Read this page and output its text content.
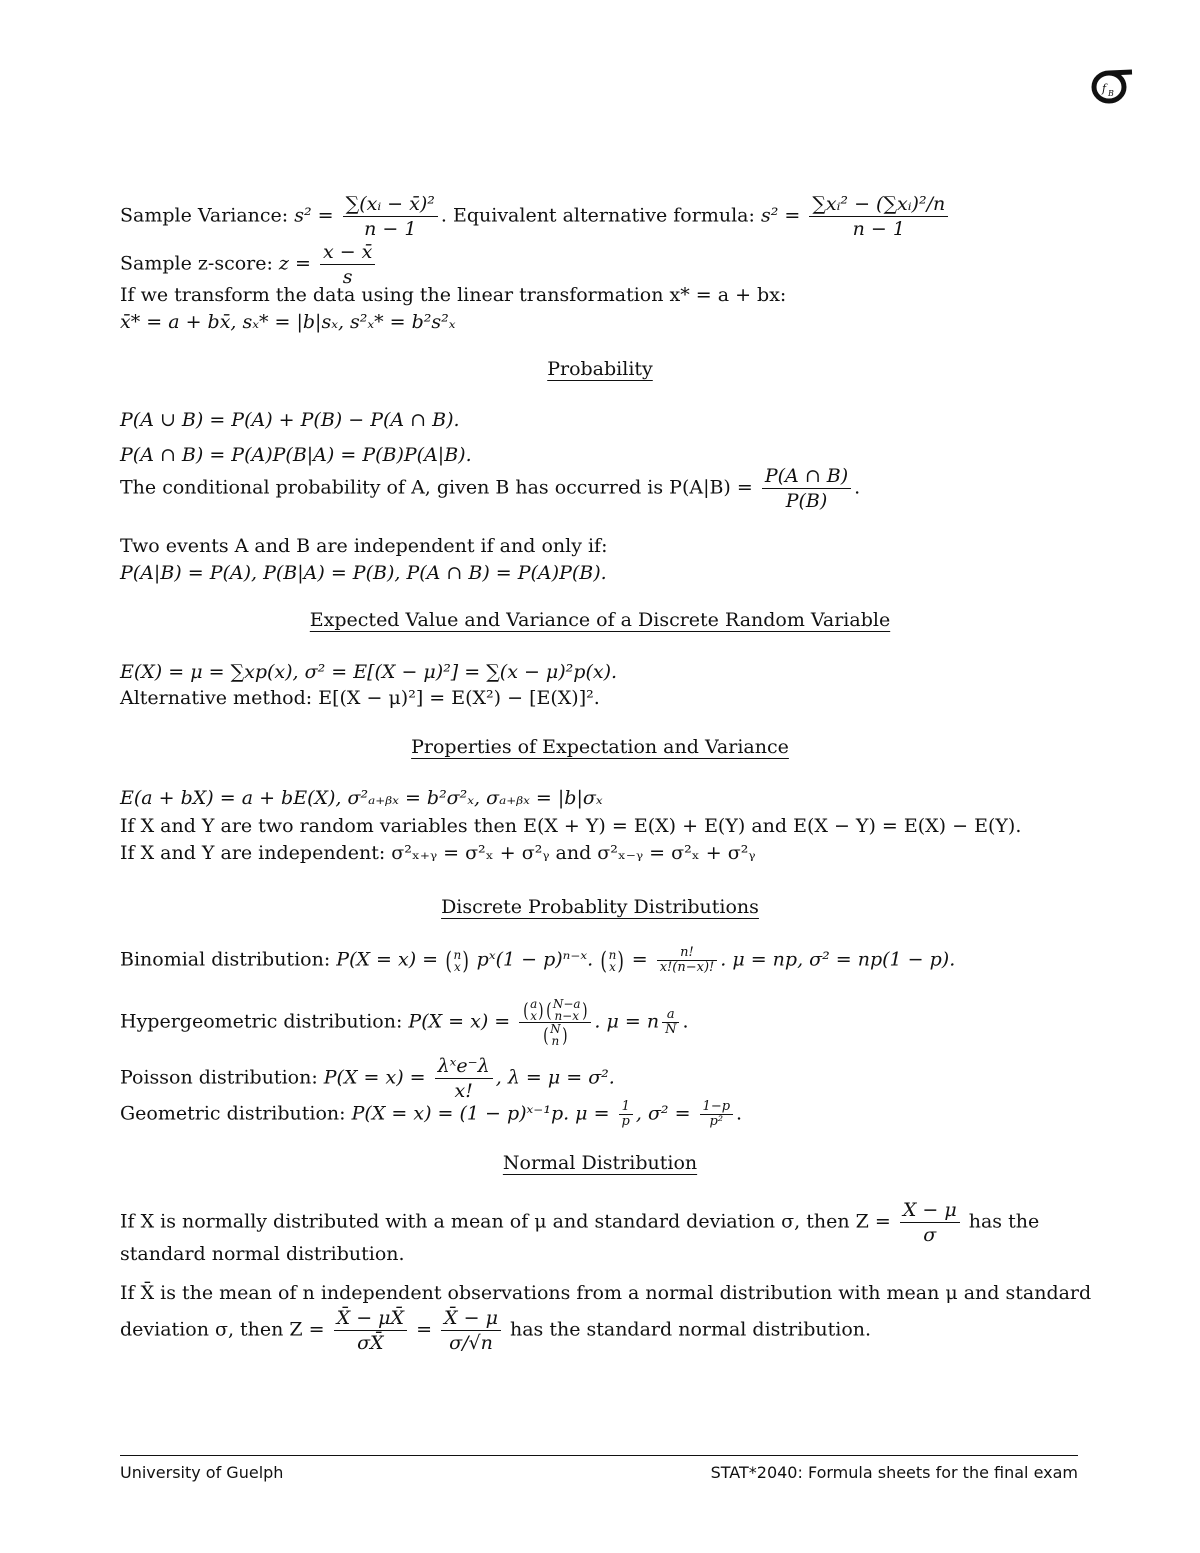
f B
Sample Variance: $s^2 = \frac{\text{∑(xᵢ − x̄)²}}{n - 1}$ . Equivalent alternative formula: $s^2 = \frac{\text{∑xᵢ² − (∑xᵢ)²/n}}{n - 1}$
Sample z-score: $z = \frac{x - x̄}{s}$
If we transform the data using the linear transformation x* = a + bx:
x̄* = a + bx̄, sₓ* = |b|sₓ, s²ₓ* = b²s²ₓ
Probability
P(A ∪ B) = P(A) + P(B) − P(A ∩ B).
P(A ∩ B) = P(A)P(B|A) = P(B)P(A|B).
The conditional probability of A, given B has occurred is $P(A|B) = \frac{P(A \cap B)}{P(B)}$ .
Two events A and B are independent if and only if:
P(A|B) = P(A), P(B|A) = P(B), P(A ∩ B) = P(A)P(B).
Expected Value and Variance of a Discrete Random Variable
E(X) = μ = ∑xp(x), σ² = E[(X − μ)²] = ∑(x − μ)²p(x).
Alternative method: E[(X − μ)²] = E(X²) − [E(X)]².
Properties of Expectation and Variance
E(a + bX) = a + bE(X), σ²ₐ₊ᵦₓ = b²σ²ₓ, σₐ₊ᵦₓ = |b|σₓ
If X and Y are two random variables then E(X + Y) = E(X) + E(Y) and E(X − Y) = E(X) − E(Y).
If X and Y are independent: σ²ₓ₊ᵧ = σ²ₓ + σ²ᵧ and σ²ₓ₋ᵧ = σ²ₓ + σ²ᵧ
Discrete Probablity Distributions
Binomial distribution: P(X = x) = ( n
x ) pˣ(1 − p)ⁿ⁻ˣ. ( n
x ) = $\frac{n!}{x!(n-x)!}$ . μ = np, σ² = np(1 − p).
Hypergeometric distribution: P(X = x) = ( a
x ) ( N−a
n−x )
( N
n ) . μ = n $\frac{a}{N}$ .
Poisson distribution: $P(X = x) = \frac{\text{λˣe⁻λ}}{x!}$ , λ = μ = σ².
Geometric distribution: P(X = x) = (1 − p)ˣ⁻¹p. $\mu = \frac{1}{p}$ , $\sigma^2 = \frac{1-p}{\text{p²}}$ .
Normal Distribution
If X is normally distributed with a mean of μ and standard deviation σ, then $Z = \frac{X - \mu}{\sigma}$ has the
standard normal distribution.
If X̄ is the mean of n independent observations from a normal distribution with mean μ and standard
deviation σ, then $Z = \frac{X̄ - \mu X̄}{\sigma X̄} = \frac{X̄ - \mu}{\sigma/√n}$ has the standard normal distribution.
University of Guelph	STAT*2040: Formula sheets for the final exam
